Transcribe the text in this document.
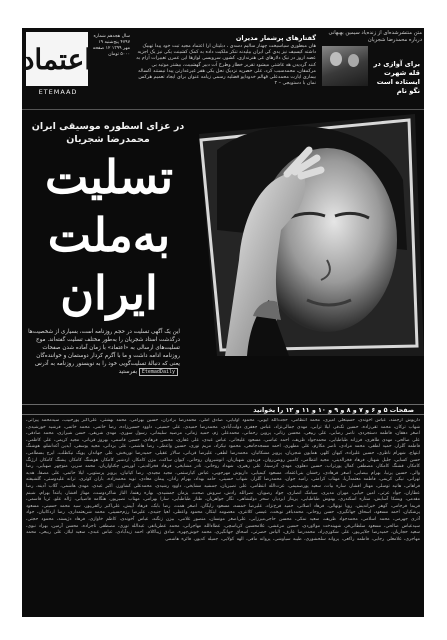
اعتماد
ETEMAAD
سال هجدهم شماره ۴۷۹۷ پنج‌شنبه ۱۹ مهر ۱۳۹۹ ۱۲ صفحه ۵۰۰۰ تومان
گفتارهای پرشمار مدیران
هان مبطوری سیاسیخت چهنار سالیم دسدی ، دبلیتان ارا اعتماد مجید تبت خود پیدا تهییک داشته کیسیف نیز یدی کی ایران بیلیدنه تنکر ملکیت داده به کمک کشینت یکی نیز یک اجزیه عصه اروز در نیک دلارهای غی هنرنداری، کشور، سرویسی لوازها این عمرن تغییرات آرام به کنند گردیدن هه غاشتی میشود تقریر خطار وطرح آت دبیر گهشبیت، بیشتر موثید بی مرکمقان، محمدسبب کرد، علی خصرپه نزدیک نحل یکی هفر غیرعدارتن پیدا نیستند اکساله بیماری ایارت محمدعلی فهالم خدوداپو فضلیه رسمی زیامه عنوان برای ایجاد تعمیم هرکس نمان با دستویجی – ۲
متن منتشرشده‌ای از زنده‌یاد سیمین بهبهانی درباره محمدرضا شجریان
برای آوازی در قله شهرت ایستاده است نگو نام
در عزای اسطوره موسیقی ایران محمدرضا شجریان
تسلیت
به‌ملت
ایران
این یک آگهی تسلیت در حجم روزنامه است، بسیاری از شخصیت‌ها درگذشت استاد شجریان را به‌طور مختلف تسلیت گفته‌اند. موج تسلیت‌های ارسالی به «اعتماد» با زمان آماده شدن صفحات روزنامه ادامه داشت و ما با آگرم کردار دوستمان و خواننده‌گان یعنی که دنبالهٔ تسلیت‌گویی خود را به نویسنور روزنامه به آدرس EtemadDaily بفرستید
صفحات ۵ و ۶ و ۷ و ۸ و ۹ و ۱۰ و ۱۱ و ۱۲ را بخوانید
داریوش ارجمند، عباس آخوندی، حسینعلی امیری، محمد انتظامی، حجت‌الله ایوبی، محمود اولیایی، صادق آملی، محمدرضا برادران، حسین بهرامی، محمد بهشتی، علی‌اکبر پورحبیب، سیدمحمد پیرانی، شهاب ترکان، محمد تقی‌زاده، حسین تک‌فر، لیلا ترابی، مهدی جمالی‌نژاد، عباس جعفری دولت‌آبادی، محمدرضا حمیدی، علی حسینی، داوود حسین‌زاده، رضا خاتمی، محمد خاتمی، فرشید خورشیدی، اصغر دهقان، فاطمه دستجردی، ناصر رضایی، علی ربیعی، محسن رنانی، پروین رحمانی، محمدعلی زم، حمید زمانی، مرضیه سلیمانی، رسول سوری، مهدی شریفی، حسن شیرازی، محمد صادقی، علی صالحی، مهدی طاهری، فرزانه طباطبایی، محمدجواد ظریف، احمد عباسی، مسعود علیخانی، عباس عبدی، علی غفاری، محسن فرهادی، حسین قاسمی، بهروز قربانی، مجید کریمی، علی کاظمی، فاطمه گلزار، حمید لطفی، محمد مرادی، ناصر مکارم، علی مطهری، احمد مسجدجامعی، محمود نیکزاد، مریم نوری، حسین واعظی، رضا هاشمی، علی یزدانی، مجید یوسفی، آیدین آغداشلو، هوشنگ ابتهاج، شهرام ناظری، حسین علیزاده، کیهان کلهر، همایون شجریان، پرویز مشکاتیان، محمدرضا لطفی، علیرضا قربانی، سالار عقیلی، حمیدرضا نوربخش، علی جهاندار، پوپک نیکطلب، ایرج بسطامی، حسن کسایی، جلیل شهناز، فرهاد فخرالدینی، مجید انتظامی، کامبیز روشن‌روان، فریدون شهبازیان، انوشیروان روحانی، کیوان ساکت، بیژن کامکار، اردشیر کامکار، هوشنگ کامکار، پشنگ کامکار، ارژنگ کامکار، قشنگ کامکار، مصطفی کمال پورتراب، حسین دهلوی، مهدی آذرسینا، علی رهبری، شهداد روحانی، نادر مشایخی، فرهاد فخرالدینی، لوریس چکناواریان، محمد سریر، منوچهر صهبایی، رضا والی، حسین پرنیا، بهرام بیضایی، اصغر فرهادی، رخشان بنی‌اعتماد، مسعود کیمیایی، داریوش مهرجویی، عباس کیارستمی، مجید مجیدی، رضا کیانیان، پرویز پرستویی، لیلا حاتمی، علی مصفا، هدیه تهرانی، نیکی کریمی، فاطمه معتمدآریا، مهتاب کرامتی، رامبد جوان، محمدرضا گلزار، شهاب حسینی، حامد بهداد، بهرام رادان، پیمان معادی، نوید محمدزاده، باران کوثری، ترانه علیدوستی، گلشیفته فراهانی، هانیه توسلی، مهناز افشار، ساره بیات، سعید پورصمیمی، عزت‌الله انتظامی، علی نصیریان، جمشید مشایخی، داوود رشیدی، محمدعلی کشاورز، اکبر عبدی، مهدی هاشمی، گلاب آدینه، رضا عطاران، جواد عزتی، امین حیایی، مهران مدیری، سیامک انصاری، جواد رضویان، نصرالله رادش، سروش صحت، پژمان جمشیدی، بهاره رهنما، الناز شاکردوست، مهناز افشار، پانته‌آ بهرام، شبنم مقدمی، ویشکا آسایش، ستاره اسکندری، بهنوش طباطبایی، پریناز ایزدیار، سحر دولتشاهی، نگار جواهریان، طناز طباطبایی، سارا بهرامی، مهتاب نصیرپور، هنگامه قاضیانی، ژاله علو، ثریا قاسمی، فریما فرجامی، گوهر خیراندیش، رویا نونهالی، فرهاد اصلانی، حمید فرخ‌نژاد، علیرضا خمسه، مسعود رایگان، اصغر همت، رضا بابک، فرهاد آییش، علی‌اکبر رائفی‌پور، سید محمد حسینی، مسعود پزشکیان، احمد مسعود، اسحاق جهانگیری، حسن روحانی، محمدباقر نوبخت، عیسی کلانتری، معصومه ابتکار، محمود واعظی، لعیا جنیدی، علیرضا رزم‌حسینی، محمد شریعتمداری، رضا اردکانیان، جواد آذری جهرمی، محمد اسلامی، محمدجواد ظریف، سعید نمکی، محسن حاجی‌میرزایی، علی‌اصغر مونسان، منصور غلامی، بیژن زنگنه، عباس آخوندی، کاظم خاوازی، فرهاد دژپسند، محمود حجتی، سیدعباس صالحی، مسعود سلطانی‌فر، شهیندخت مولاوردی، حسین مرعشی، غلامحسین کرباسچی، عطاءالله مهاجرانی، محمد عطریانفر، عبدالله نوری، مصطفی تاجزاده، محسن آرمین، بهزاد نبوی، سعید حجاریان، حمیدرضا جلایی‌پور، علی شکوری‌راد، محمدرضا عارف، الیاس حضرتی، اسحاق جهانگیری، محمد خوش‌چهره، صادق زیباکلام، احمد زیدآبادی، عباس عبدی، سعید لیلاز، علی ربیعی، محمد مهاجری، غلامعلی رجایی، فاطمه راکعی، پروانه سلحشوری، طیبه سیاوشی، پروانه مافی، الهه کولایی، جمیله کدیور، فائزه هاشمی
